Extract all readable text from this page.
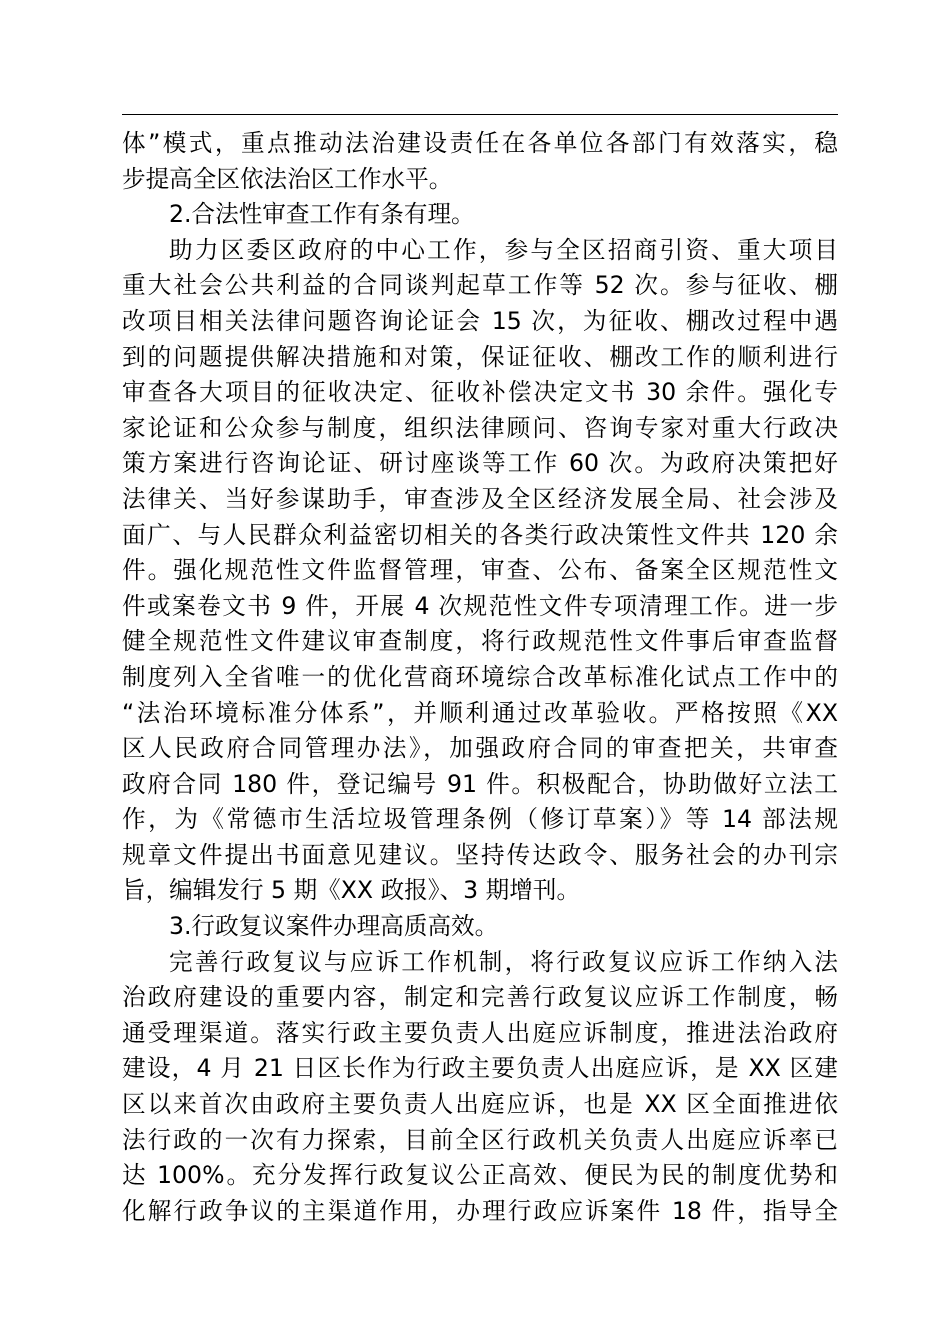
体”模式，重点推动法治建设责任在各单位各部门有效落实，稳
步提高全区依法治区工作水平。
2.合法性审查工作有条有理。
助力区委区政府的中心工作，参与全区招商引资、重大项目
重大社会公共利益的合同谈判起草工作等 52 次。参与征收、棚
改项目相关法律问题咨询论证会 15 次，为征收、棚改过程中遇
到的问题提供解决措施和对策，保证征收、棚改工作的顺利进行
审查各大项目的征收决定、征收补偿决定文书 30 余件。强化专
家论证和公众参与制度，组织法律顾问、咨询专家对重大行政决
策方案进行咨询论证、研讨座谈等工作 60 次。为政府决策把好
法律关、当好参谋助手，审查涉及全区经济发展全局、社会涉及
面广、与人民群众利益密切相关的各类行政决策性文件共 120 余
件。强化规范性文件监督管理，审查、公布、备案全区规范性文
件或案卷文书 9 件，开展 4 次规范性文件专项清理工作。进一步
健全规范性文件建议审查制度，将行政规范性文件事后审查监督
制度列入全省唯一的优化营商环境综合改革标准化试点工作中的
“法治环境标准分体系”，并顺利通过改革验收。严格按照《XX
区人民政府合同管理办法》，加强政府合同的审查把关，共审查
政府合同 180 件，登记编号 91 件。积极配合，协助做好立法工
作，为《常德市生活垃圾管理条例（修订草案）》等 14 部法规
规章文件提出书面意见建议。坚持传达政令、服务社会的办刊宗
旨，编辑发行 5 期《XX 政报》、3 期增刊。
3.行政复议案件办理高质高效。
完善行政复议与应诉工作机制，将行政复议应诉工作纳入法
治政府建设的重要内容，制定和完善行政复议应诉工作制度，畅
通受理渠道。落实行政主要负责人出庭应诉制度，推进法治政府
建设，4 月 21 日区长作为行政主要负责人出庭应诉，是 XX 区建
区以来首次由政府主要负责人出庭应诉，也是 XX 区全面推进依
法行政的一次有力探索，目前全区行政机关负责人出庭应诉率已
达 100%。充分发挥行政复议公正高效、便民为民的制度优势和
化解行政争议的主渠道作用，办理行政应诉案件 18 件，指导全
